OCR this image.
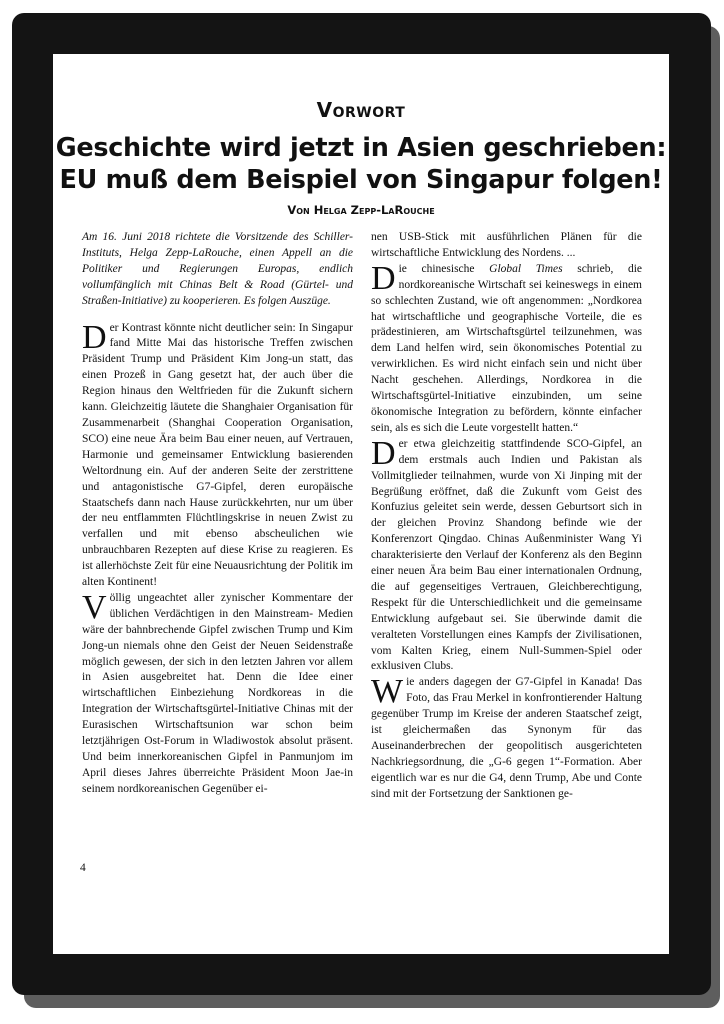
Vorwort
Geschichte wird jetzt in Asien geschrieben:
EU muß dem Beispiel von Singapur folgen!
Von Helga Zepp-LaRouche

Am 16. Juni 2018 richtete die Vorsitzende des Schiller-Instituts, Helga Zepp-LaRouche, einen Appell an die Politiker und Regierungen Europas, endlich vollumfänglich mit Chinas Belt & Road (Gürtel- und Straßen-Initiative) zu kooperieren. Es folgen Auszüge.

Der Kontrast könnte nicht deutlicher sein: In Singapur fand Mitte Mai das historische Treffen zwischen Präsident Trump und Präsident Kim Jong-un statt, das einen Prozeß in Gang gesetzt hat, der auch über die Region hinaus den Weltfrieden für die Zukunft sichern kann. Gleichzeitig läutete die Shanghaier Organisation für Zusammenarbeit (Shanghai Cooperation Organisation, SCO) eine neue Ära beim Bau einer neuen, auf Vertrauen, Harmonie und gemeinsamer Entwicklung basierenden Weltordnung ein. Auf der anderen Seite der zerstrittene und antagonistische G7-Gipfel, deren europäische Staatschefs dann nach Hause zurückkehrten, nur um über der neu entflammten Flüchtlingskrise in neuen Zwist zu verfallen und mit ebenso abscheulichen wie unbrauchbaren Rezepten auf diese Krise zu reagieren. Es ist allerhöchste Zeit für eine Neuausrichtung der Politik im alten Kontinent!

Völlig ungeachtet aller zynischer Kommentare der üblichen Verdächtigen in den Mainstream- Medien wäre der bahnbrechende Gipfel zwischen Trump und Kim Jong-un niemals ohne den Geist der Neuen Seidenstraße möglich gewesen, der sich in den letzten Jahren vor allem in Asien ausgebreitet hat. Denn die Idee einer wirtschaftlichen Einbeziehung Nordkoreas in die Integration der Wirtschaftsgürtel-Initiative Chinas mit der Eurasischen Wirtschaftsunion war schon beim letztjährigen Ost-Forum in Wladiwostok absolut präsent. Und beim innerkoreanischen Gipfel in Panmunjom im April dieses Jahres überreichte Präsident Moon Jae-in seinem nordkoreanischen Gegenüber ei-

nen USB-Stick mit ausführlichen Plänen für die wirtschaftliche Entwicklung des Nordens. ...

Die chinesische Global Times schrieb, die nordkoreanische Wirtschaft sei keineswegs in einem so schlechten Zustand, wie oft angenommen: „Nordkorea hat wirtschaftliche und geographische Vorteile, die es prädestinieren, am Wirtschaftsgürtel teilzunehmen, was dem Land helfen wird, sein ökonomisches Potential zu verwirklichen. Es wird nicht einfach sein und nicht über Nacht geschehen. Allerdings, Nordkorea in die Wirtschaftsgürtel-Initiative einzubinden, um seine ökonomische Integration zu befördern, könnte einfacher sein, als es sich die Leute vorgestellt hatten.“

Der etwa gleichzeitig stattfindende SCO-Gipfel, an dem erstmals auch Indien und Pakistan als Vollmitglieder teilnahmen, wurde von Xi Jinping mit der Begrüßung eröffnet, daß die Zukunft vom Geist des Konfuzius geleitet sein werde, dessen Geburtsort sich in der gleichen Provinz Shandong befinde wie der Konferenzort Qingdao. Chinas Außenminister Wang Yi charakterisierte den Verlauf der Konferenz als den Beginn einer neuen Ära beim Bau einer internationalen Ordnung, die auf gegenseitiges Vertrauen, Gleichberechtigung, Respekt für die Unterschiedlichkeit und die gemeinsame Entwicklung aufgebaut sei. Sie überwinde damit die veralteten Vorstellungen eines Kampfs der Zivilisationen, vom Kalten Krieg, einem Null-Summen-Spiel oder exklusiven Clubs.

Wie anders dagegen der G7-Gipfel in Kanada! Das Foto, das Frau Merkel in konfrontierender Haltung gegenüber Trump im Kreise der anderen Staatschef zeigt, ist gleichermaßen das Synonym für das Auseinanderbrechen der geopolitisch ausgerichteten Nachkriegsordnung, die „G-6 gegen 1“-Formation. Aber eigentlich war es nur die G4, denn Trump, Abe und Conte sind mit der Fortsetzung der Sanktionen ge-

4
